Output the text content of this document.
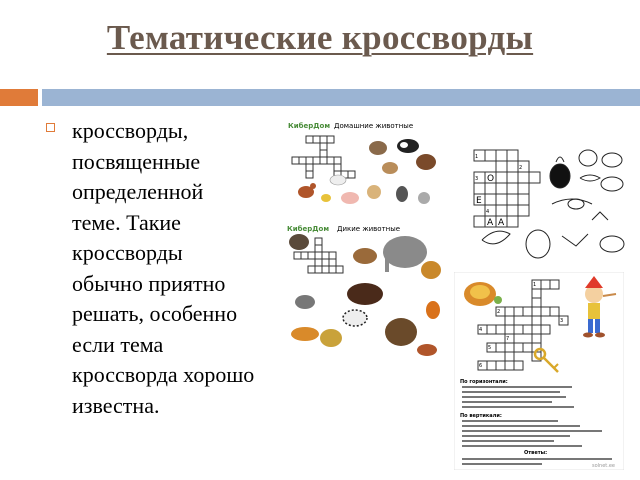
Тематические кроссворды
кроссворды,
посвященные
определенной
теме. Такие
кроссворды
обычно приятно
решать, особенно
если тема
кроссворда хорошо
известна.
КиберДом Домашние животные
КиберДом Дикие животные
О
Е
А А
1
2
3
4
1
2
3
4
5
6
7
По горизонтали:
По вертикали:
Ответы:
solnet.ee
